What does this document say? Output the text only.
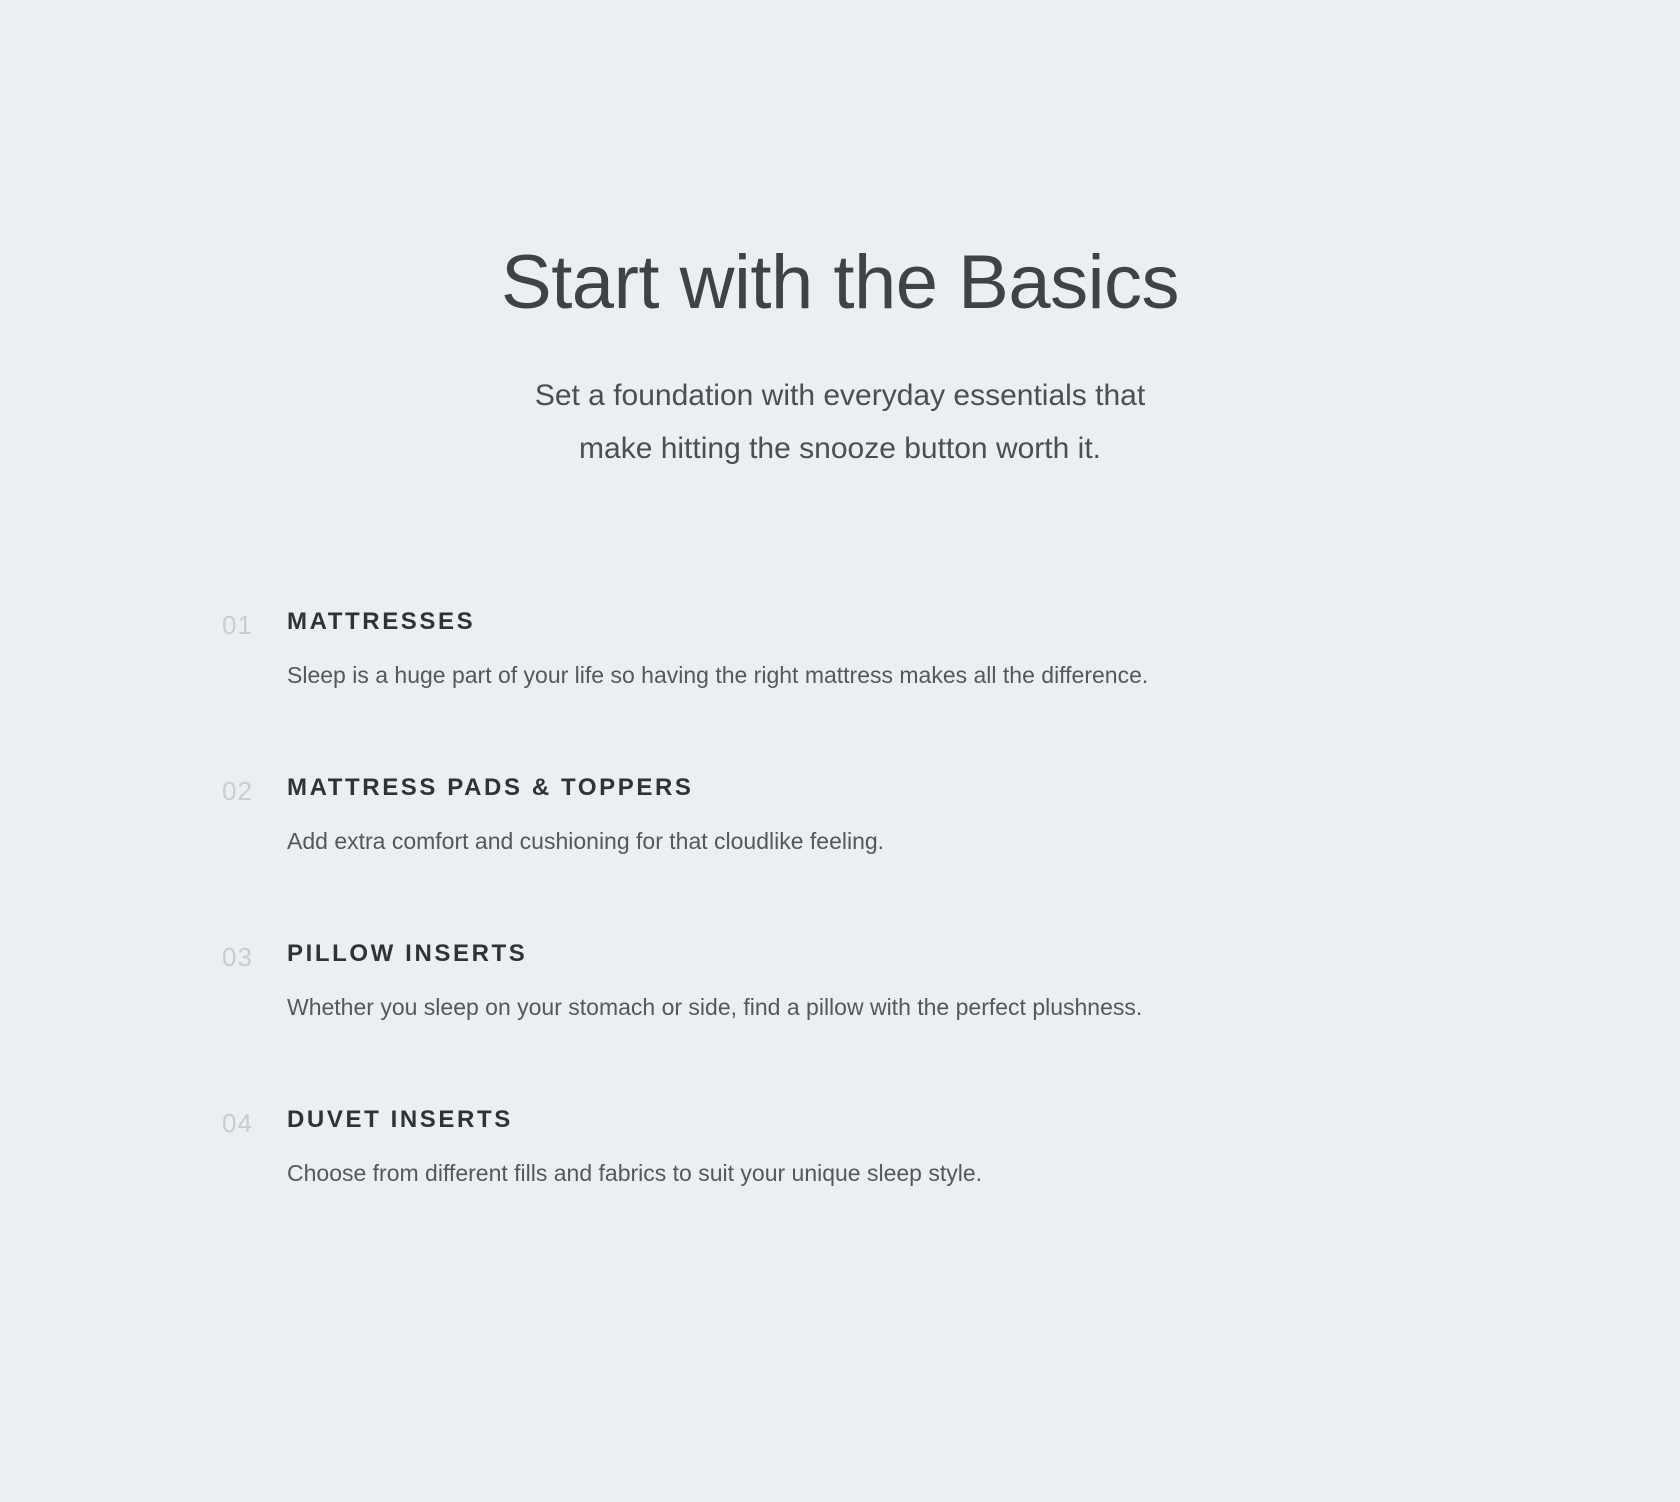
Start with the Basics

Set a foundation with everyday essentials that
make hitting the snooze button worth it.

01 MATTRESSES

Sleep is a huge part of your life so having the right mattress makes all the difference.

02 MATTRESS PADS & TOPPERS

Add extra comfort and cushioning for that cloudlike feeling.

03 PILLOW INSERTS

Whether you sleep on your stomach or side, find a pillow with the perfect plushness.

04 DUVET INSERTS

Choose from different fills and fabrics to suit your unique sleep style.
